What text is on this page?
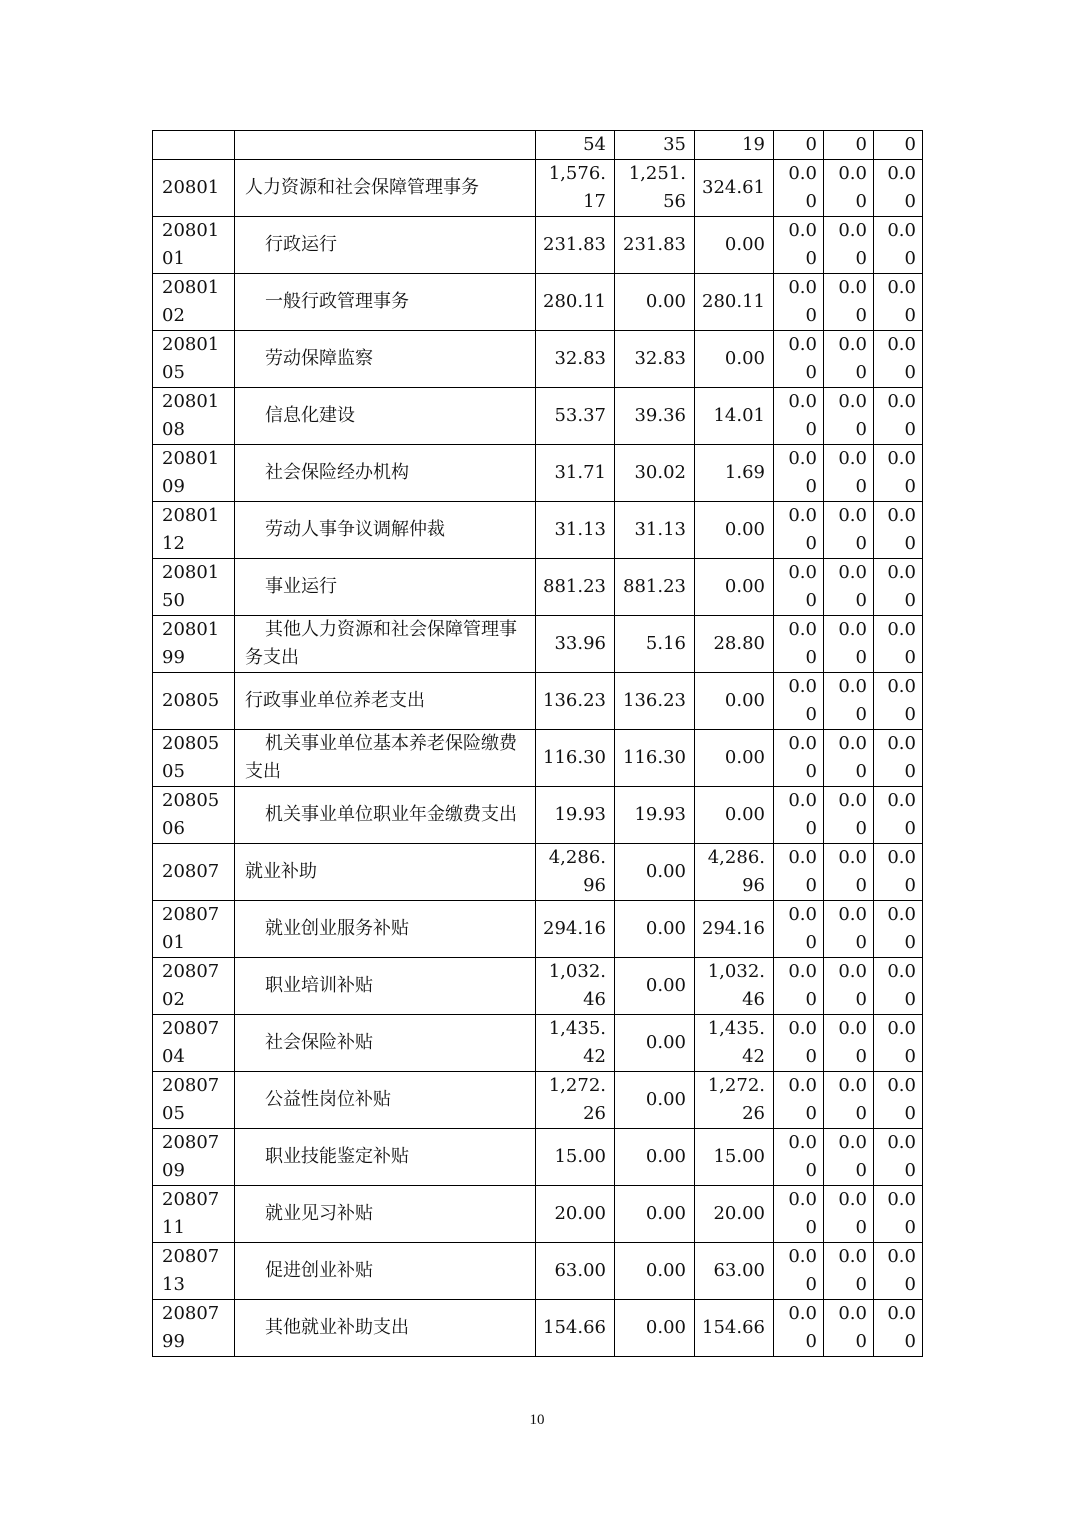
		54	35	19	0	0	0
20801	人力资源和社会保障管理事务	1,576.17	1,251.56	324.61	0.00	0.00	0.00
2080101	行政运行	231.83	231.83	0.00	0.00	0.00	0.00
2080102	一般行政管理事务	280.11	0.00	280.11	0.00	0.00	0.00
2080105	劳动保障监察	32.83	32.83	0.00	0.00	0.00	0.00
2080108	信息化建设	53.37	39.36	14.01	0.00	0.00	0.00
2080109	社会保险经办机构	31.71	30.02	1.69	0.00	0.00	0.00
2080112	劳动人事争议调解仲裁	31.13	31.13	0.00	0.00	0.00	0.00
2080150	事业运行	881.23	881.23	0.00	0.00	0.00	0.00
2080199	其他人力资源和社会保障管理事务支出	33.96	5.16	28.80	0.00	0.00	0.00
20805	行政事业单位养老支出	136.23	136.23	0.00	0.00	0.00	0.00
2080505	机关事业单位基本养老保险缴费支出	116.30	116.30	0.00	0.00	0.00	0.00
2080506	机关事业单位职业年金缴费支出	19.93	19.93	0.00	0.00	0.00	0.00
20807	就业补助	4,286.96	0.00	4,286.96	0.00	0.00	0.00
2080701	就业创业服务补贴	294.16	0.00	294.16	0.00	0.00	0.00
2080702	职业培训补贴	1,032.46	0.00	1,032.46	0.00	0.00	0.00
2080704	社会保险补贴	1,435.42	0.00	1,435.42	0.00	0.00	0.00
2080705	公益性岗位补贴	1,272.26	0.00	1,272.26	0.00	0.00	0.00
2080709	职业技能鉴定补贴	15.00	0.00	15.00	0.00	0.00	0.00
2080711	就业见习补贴	20.00	0.00	20.00	0.00	0.00	0.00
2080713	促进创业补贴	63.00	0.00	63.00	0.00	0.00	0.00
2080799	其他就业补助支出	154.66	0.00	154.66	0.00	0.00	0.00
10
